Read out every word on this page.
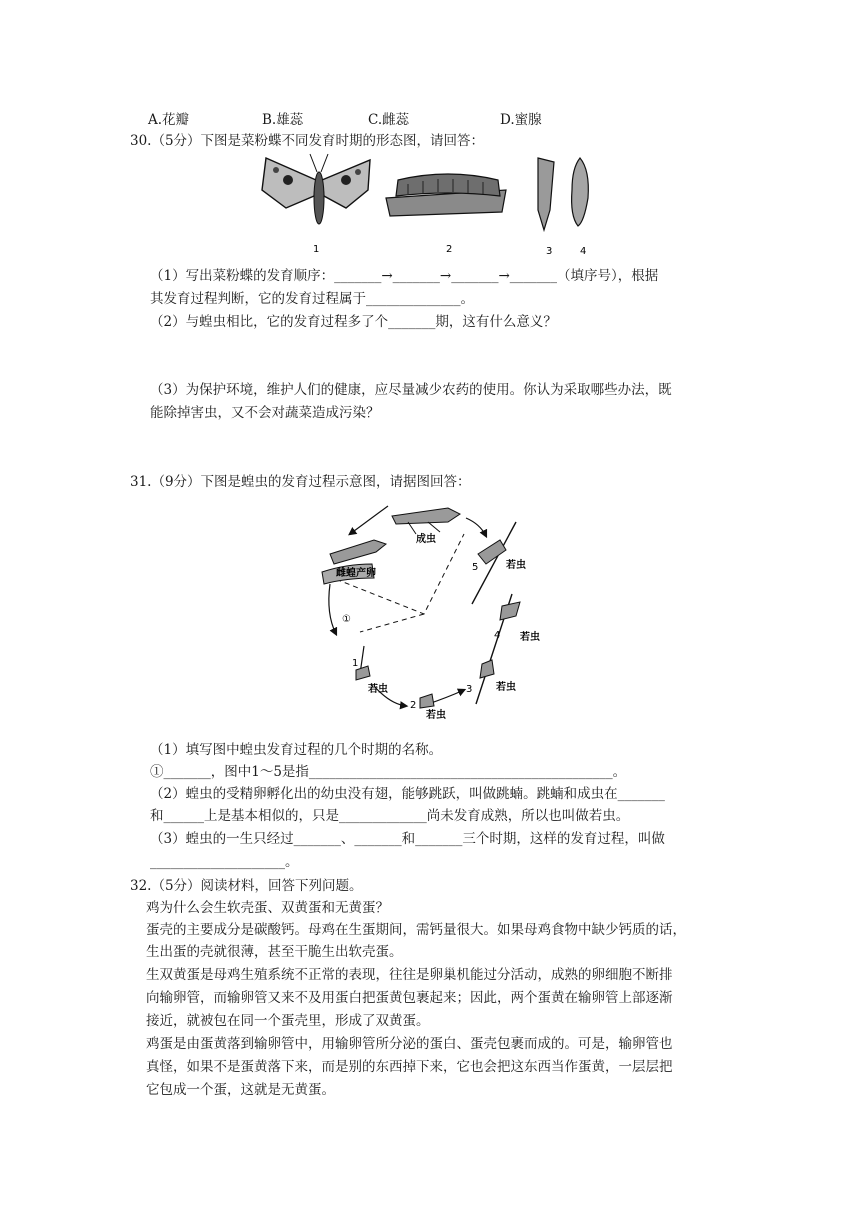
A.花瓣	B.雄蕊	C.雌蕊	D.蜜腺
30.（5分）下图是菜粉蝶不同发育时期的形态图，请回答：
1	2	3	4
（1）写出菜粉蝶的发育顺序：_______→_______→_______→_______（填序号），根据
其发育过程判断，它的发育过程属于______________。
（2）与蝗虫相比，它的发育过程多了个_______期，这有什么意义？
（3）为保护环境，维护人们的健康，应尽量减少农药的使用。你认为采取哪些办法，既
能除掉害虫，又不会对蔬菜造成污染？
31.（9分）下图是蝗虫的发育过程示意图，请据图回答：
成虫
雌蝗产卵
①
若虫
若虫
若虫
若虫
若虫
1
2
3
4
5
（1）填写图中蝗虫发育过程的几个时期的名称。
①_______，图中1～5是指_____________________________________________。
（2）蝗虫的受精卵孵化出的幼虫没有翅，能够跳跃，叫做跳蝻。跳蝻和成虫在_______
和______上是基本相似的，只是_____________尚未发育成熟，所以也叫做若虫。
（3）蝗虫的一生只经过_______、_______和_______三个时期，这样的发育过程，叫做
____________________。
32.（5分）阅读材料，回答下列问题。
鸡为什么会生软壳蛋、双黄蛋和无黄蛋？
蛋壳的主要成分是碳酸钙。母鸡在生蛋期间，需钙量很大。如果母鸡食物中缺少钙质的话，
生出蛋的壳就很薄，甚至干脆生出软壳蛋。
生双黄蛋是母鸡生殖系统不正常的表现，往往是卵巢机能过分活动，成熟的卵细胞不断排
向输卵管，而输卵管又来不及用蛋白把蛋黄包裹起来；因此，两个蛋黄在输卵管上部逐渐
接近，就被包在同一个蛋壳里，形成了双黄蛋。
鸡蛋是由蛋黄落到输卵管中，用输卵管所分泌的蛋白、蛋壳包裹而成的。可是，输卵管也
真怪，如果不是蛋黄落下来，而是别的东西掉下来，它也会把这东西当作蛋黄，一层层把
它包成一个蛋，这就是无黄蛋。
